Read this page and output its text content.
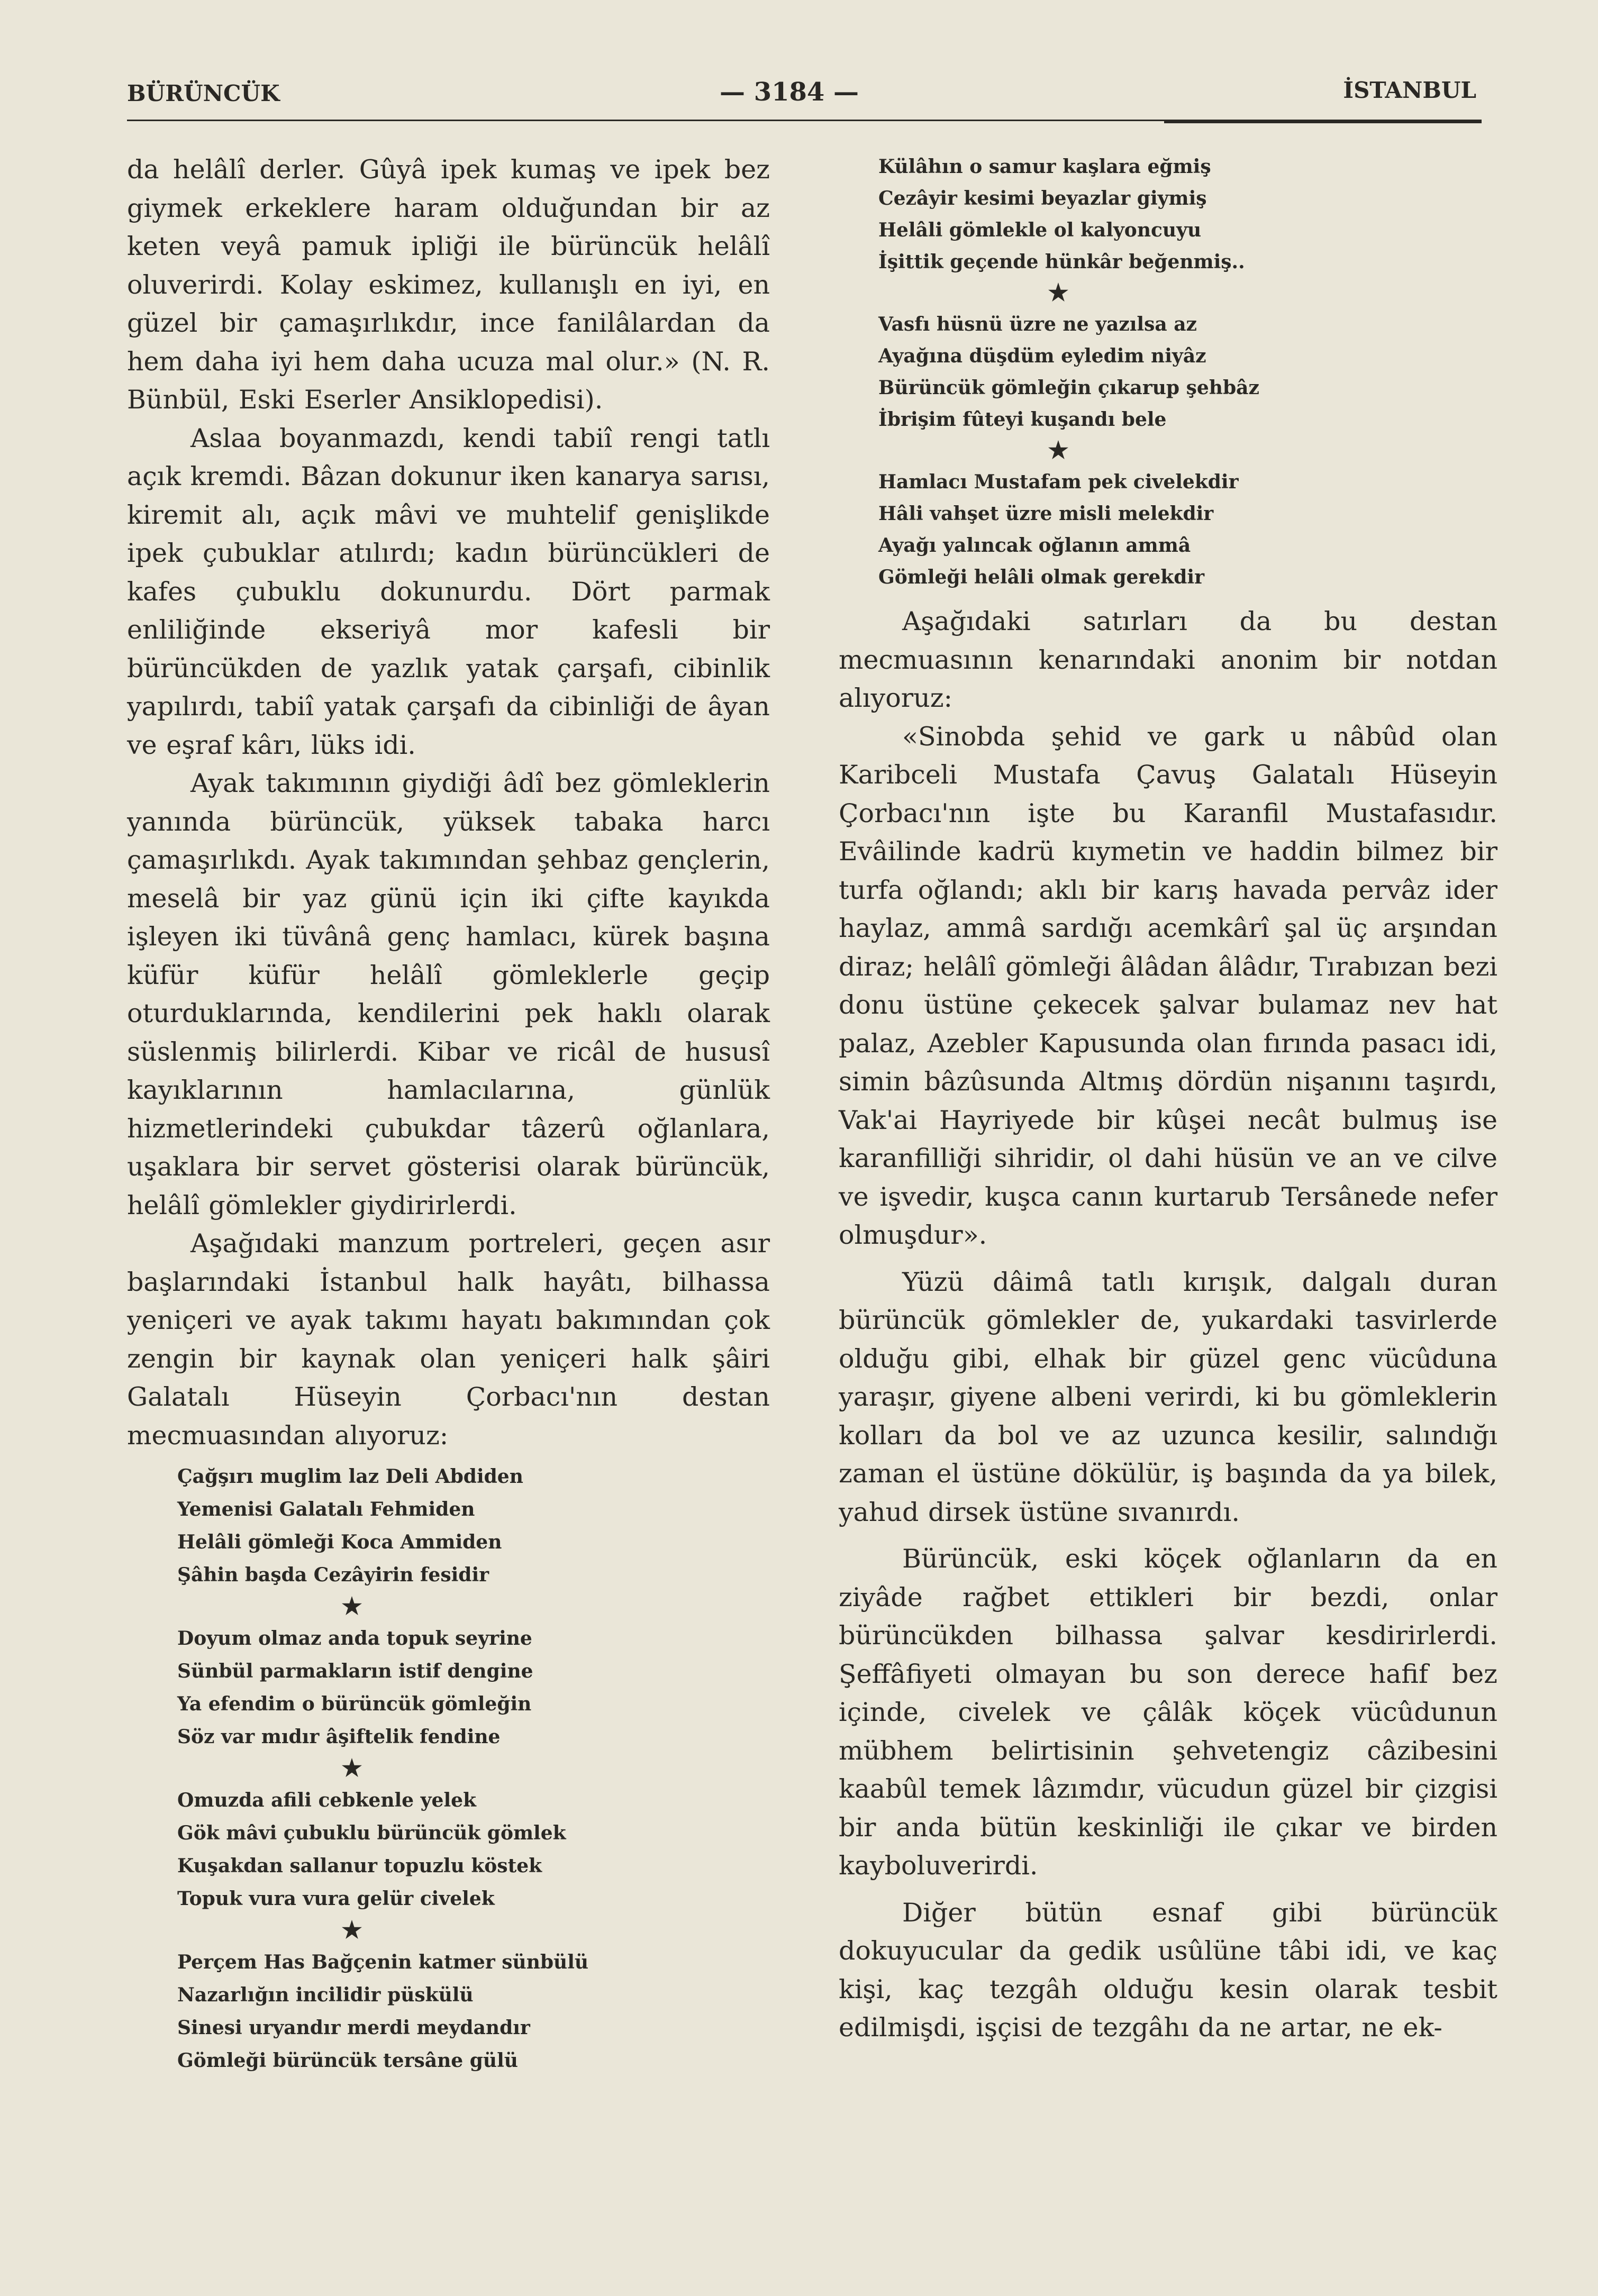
BÜRÜNCÜK	— 3184 —	İSTANBUL

da helâlî derler. Gûyâ ipek kumaş ve ipek bez giymek erkeklere haram olduğundan bir az keten veyâ pamuk ipliği ile bürüncük helâlî oluverirdi. Kolay eskimez, kullanışlı en iyi, en güzel bir çamaşırlıkdır, ince fanilâlardan da hem daha iyi hem daha ucuza mal olur.» (N. R. Bünbül, Eski Eserler Ansiklopedisi).

Aslaa boyanmazdı, kendi tabiî rengi tatlı açık kremdi. Bâzan dokunur iken kanarya sarısı, kiremit alı, açık mâvi ve muhtelif genişlikde ipek çubuklar atılırdı; kadın bürüncükleri de kafes çubuklu dokunurdu. Dört parmak enliliğinde ekseriyâ mor kafesli bir bürüncükden de yazlık yatak çarşafı, cibinlik yapılırdı, tabiî yatak çarşafı da cibinliği de âyan ve eşraf kârı, lüks idi.

Ayak takımının giydiği âdî bez gömleklerin yanında bürüncük, yüksek tabaka harcı çamaşırlıkdı. Ayak takımından şehbaz gençlerin, meselâ bir yaz günü için iki çifte kayıkda işleyen iki tüvânâ genç hamlacı, kürek başına küfür küfür helâlî gömleklerle geçip oturduklarında, kendilerini pek haklı olarak süslenmiş bilirlerdi. Kibar ve ricâl de hususî kayıklarının hamlacılarına, günlük hizmetlerindeki çubukdar tâzerû oğlanlara, uşaklara bir servet gösterisi olarak bürüncük, helâlî gömlekler giydirirlerdi.

Aşağıdaki manzum portreleri, geçen asır başlarındaki İstanbul halk hayâtı, bilhassa yeniçeri ve ayak takımı hayatı bakımından çok zengin bir kaynak olan yeniçeri halk şâiri Galatalı Hüseyin Çorbacı'nın destan mecmuasından alıyoruz:

Çağşırı muglim laz Deli Abdiden
Yemenisi Galatalı Fehmiden
Helâli gömleği Koca Ammiden
Şâhin başda Cezâyirin fesidir
★
Doyum olmaz anda topuk seyrine
Sünbül parmakların istif dengine
Ya efendim o bürüncük gömleğin
Söz var mıdır âşiftelik fendine
★
Omuzda afili cebkenle yelek
Gök mâvi çubuklu bürüncük gömlek
Kuşakdan sallanur topuzlu köstek
Topuk vura vura gelür civelek
★
Perçem Has Bağçenin katmer sünbülü
Nazarlığın incilidir püskülü
Sinesi uryandır merdi meydandır
Gömleği bürüncük tersâne gülü
Külâhın o samur kaşlara eğmiş
Cezâyir kesimi beyazlar giymiş
Helâli gömlekle ol kalyoncuyu
İşittik geçende hünkâr beğenmiş..
★
Vasfı hüsnü üzre ne yazılsa az
Ayağına düşdüm eyledim niyâz
Bürüncük gömleğin çıkarup şehbâz
İbrişim fûteyi kuşandı bele
★
Hamlacı Mustafam pek civelekdir
Hâli vahşet üzre misli melekdir
Ayağı yalıncak oğlanın ammâ
Gömleği helâli olmak gerekdir

Aşağıdaki satırları da bu destan mecmuasının kenarındaki anonim bir notdan alıyoruz:

«Sinobda şehid ve gark u nâbûd olan Karibceli Mustafa Çavuş Galatalı Hüseyin Çorbacı'nın işte bu Karanfil Mustafasıdır. Evâilinde kadrü kıymetin ve haddin bilmez bir turfa oğlandı; aklı bir karış havada pervâz ider haylaz, ammâ sardığı acemkârî şal üç arşından diraz; helâlî gömleği âlâdan âlâdır, Tırabızan bezi donu üstüne çekecek şalvar bulamaz nev hat palaz, Azebler Kapusunda olan fırında pasacı idi, simin bâzûsunda Altmış dördün nişanını taşırdı, Vak'ai Hayriyede bir kûşei necât bulmuş ise karanfilliği sihridir, ol dahi hüsün ve an ve cilve ve işvedir, kuşca canın kurtarub Tersânede nefer olmuşdur».

Yüzü dâimâ tatlı kırışık, dalgalı duran bürüncük gömlekler de, yukardaki tasvirlerde olduğu gibi, elhak bir güzel genc vücûduna yaraşır, giyene albeni verirdi, ki bu gömleklerin kolları da bol ve az uzunca kesilir, salındığı zaman el üstüne dökülür, iş başında da ya bilek, yahud dirsek üstüne sıvanırdı.

Bürüncük, eski köçek oğlanların da en ziyâde rağbet ettikleri bir bezdi, onlar bürüncükden bilhassa şalvar kesdirirlerdi. Şeffâfiyeti olmayan bu son derece hafif bez içinde, civelek ve çâlâk köçek vücûdunun mübhem belirtisinin şehvetengiz câzibesini kaabûl temek lâzımdır, vücudun güzel bir çizgisi bir anda bütün keskinliği ile çıkar ve birden kayboluverirdi.

Diğer bütün esnaf gibi bürüncük dokuyucular da gedik usûlüne tâbi idi, ve kaç kişi, kaç tezgâh olduğu kesin olarak tesbit edilmişdi, işçisi de tezgâhı da ne artar, ne ek-
